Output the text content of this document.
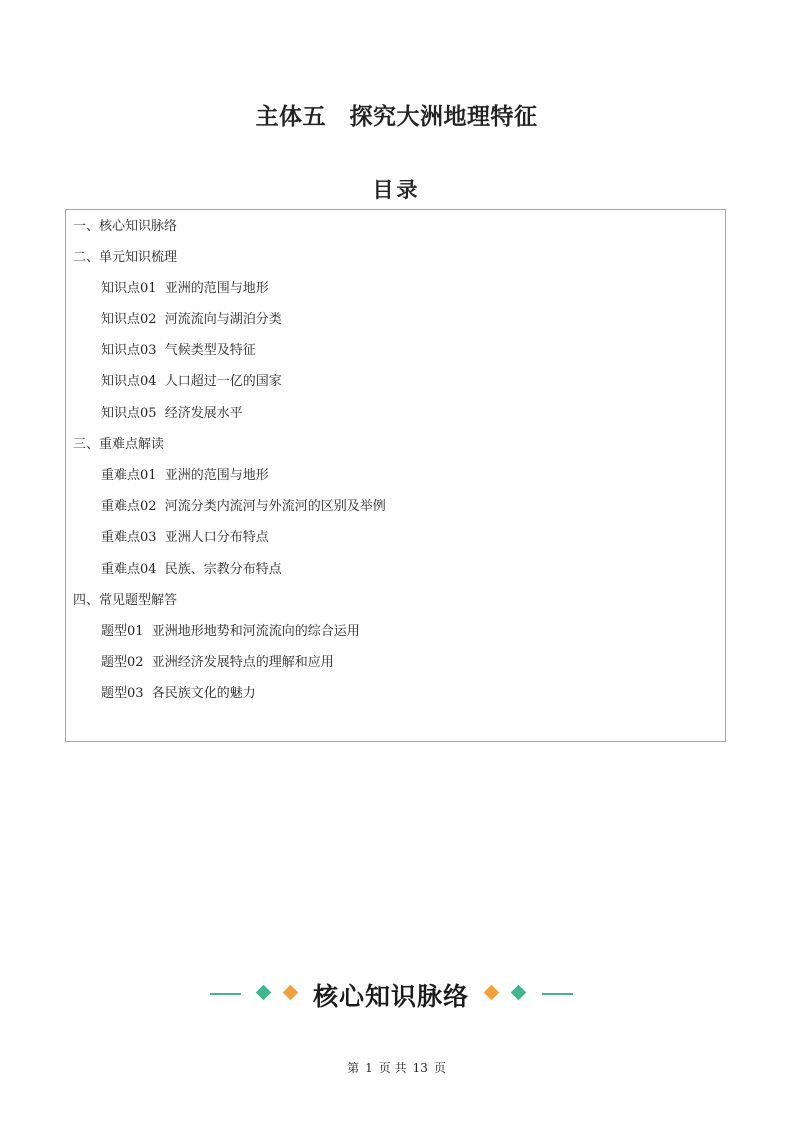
主体五　探究大洲地理特征
目录
一、核心知识脉络
二、单元知识梳理
知识点01  亚洲的范围与地形
知识点02  河流流向与湖泊分类
知识点03  气候类型及特征
知识点04  人口超过一亿的国家
知识点05  经济发展水平
三、重难点解读
重难点01  亚洲的范围与地形
重难点02  河流分类内流河与外流河的区别及举例
重难点03  亚洲人口分布特点
重难点04  民族、宗教分布特点
四、常见题型解答
题型01  亚洲地形地势和河流流向的综合运用
题型02  亚洲经济发展特点的理解和应用
题型03  各民族文化的魅力
核心知识脉络
第 1 页 共 13 页
